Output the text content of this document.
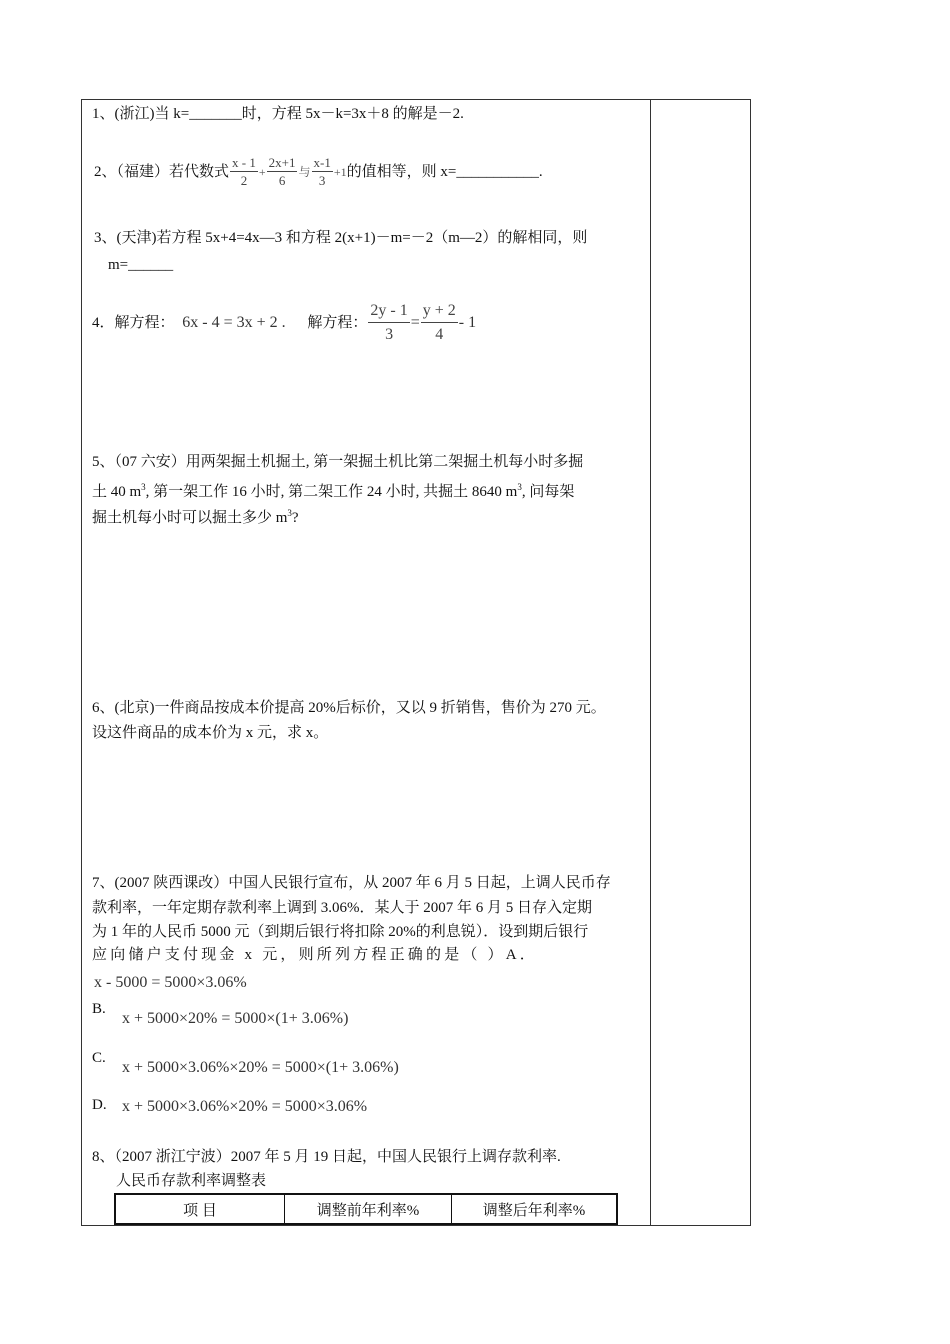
1、(浙江)当 k=_______时，方程 5x－k=3x＋8 的解是－2.
2、（福建）若代数式 $\frac{x - 1}{2} + \frac{2x+1}{6}$ 与 $\frac{x-1}{3} +1$的值相等，则 x=___________.
3、(天津)若方程 5x+4=4x—3 和方程 2(x+1)－m=－2（m—2）的解相同，则
m=______
4．解方程： 6x - 4 = 3x + 2 . 解方程： $\frac{2y - 1}{3} = \frac{y + 2}{4} - 1$
5、（07 六安）用两架掘土机掘土, 第一架掘土机比第二架掘土机每小时多掘
土 40 $m^3$, 第一架工作 16 小时, 第二架工作 24 小时, 共掘土 8640 $m^3$, 问每架
掘土机每小时可以掘土多少 $m^3$?
6、(北京)一件商品按成本价提高 20%后标价，又以 9 折销售，售价为 270 元。
设这件商品的成本价为 x 元，求 x。
7、(2007 陕西课改）中国人民银行宣布，从 2007 年 6 月 5 日起，上调人民币存
款利率，一年定期存款利率上调到 3.06%．某人于 2007 年 6 月 5 日存入定期
为 1 年的人民币 5000 元（到期后银行将扣除 20%的利息锐）．设到期后银行
应向储户支付现金 x 元，则所列方程正确的是（ ）A．
x - 5000 = 5000×3.06%
B.
x + 5000×20% = 5000×(1+ 3.06%)
C.
x + 5000×3.06%×20% = 5000×(1+ 3.06%)
D. x + 5000×3.06%×20% = 5000×3.06%
8、（2007 浙江宁波）2007 年 5 月 19 日起，中国人民银行上调存款利率.
人民币存款利率调整表
项 目	调整前年利率%	调整后年利率%
